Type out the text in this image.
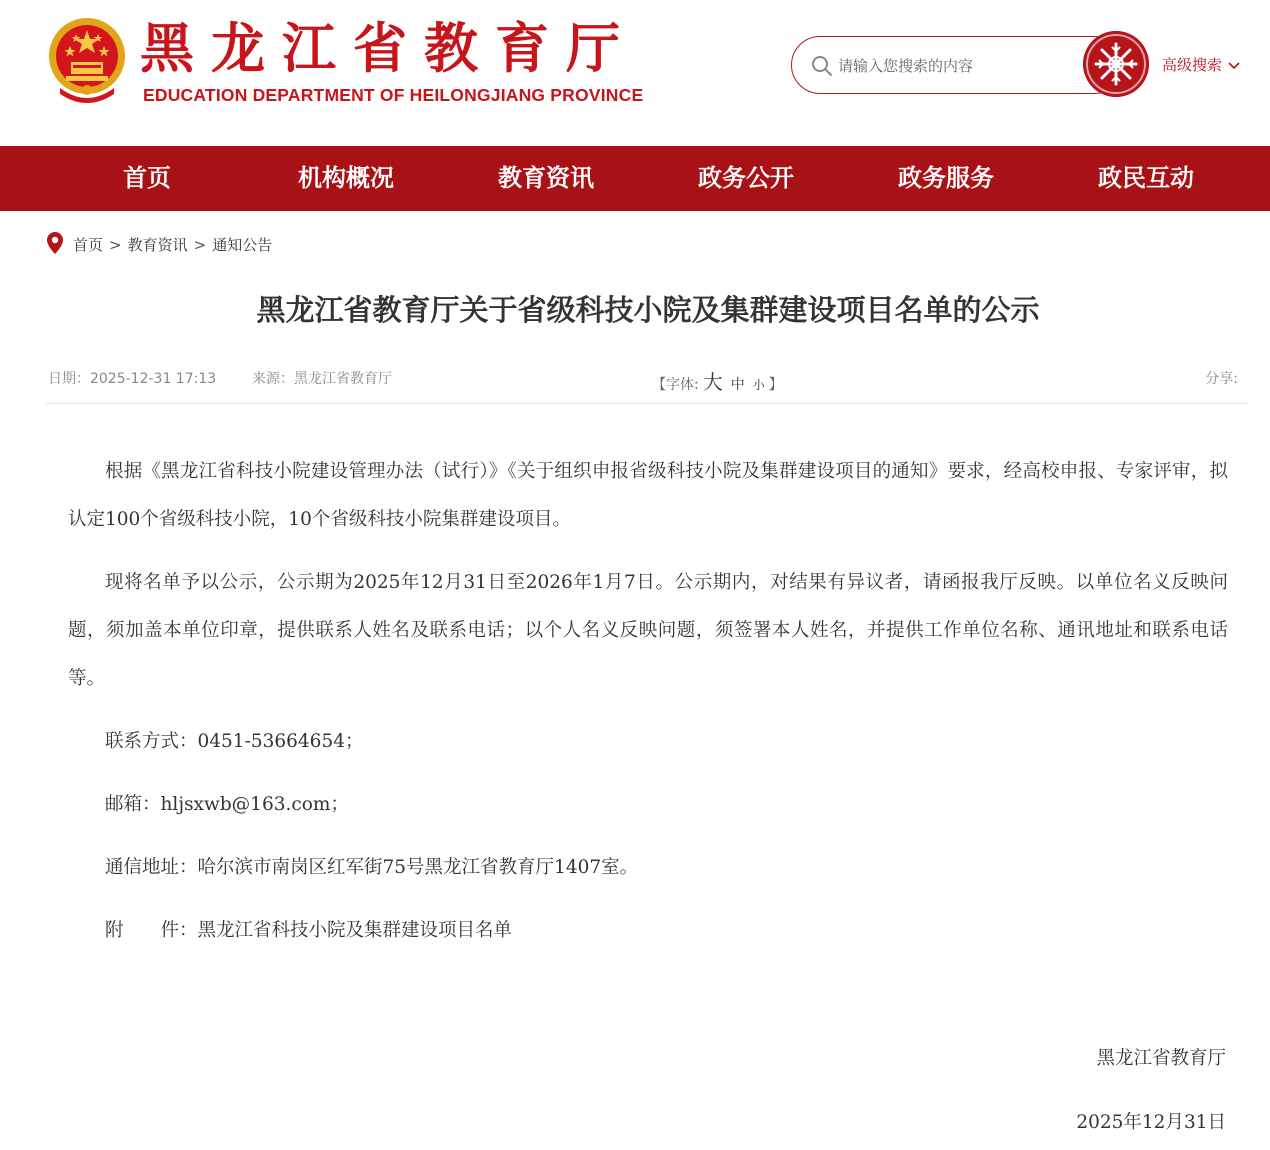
黑龙江省教育厅
EDUCATION DEPARTMENT OF HEILONGJIANG PROVINCE
请输入您搜索的内容
高级搜索
首页	机构概况	教育资讯	政务公开	政务服务	政民互动
首页 > 教育资讯 > 通知公告
黑龙江省教育厅关于省级科技小院及集群建设项目名单的公示
日期：2025-12-31 17:13	来源：黑龙江省教育厅	【字体: 大 中 小 】	分享:

根据《黑龙江省科技小院建设管理办法（试行）》《关于组织申报省级科技小院及集群建设项目的通知》要求，经高校申报、专家评审，拟认定100个省级科技小院，10个省级科技小院集群建设项目。

现将名单予以公示，公示期为2025年12月31日至2026年1月7日。公示期内，对结果有异议者，请函报我厅反映。以单位名义反映问题，须加盖本单位印章，提供联系人姓名及联系电话；以个人名义反映问题，须签署本人姓名，并提供工作单位名称、通讯地址和联系电话等。

联系方式：0451-53664654；

邮箱：hljsxwb@163.com；

通信地址：哈尔滨市南岗区红军街75号黑龙江省教育厅1407室。

附　　件：黑龙江省科技小院及集群建设项目名单

黑龙江省教育厅
2025年12月31日
